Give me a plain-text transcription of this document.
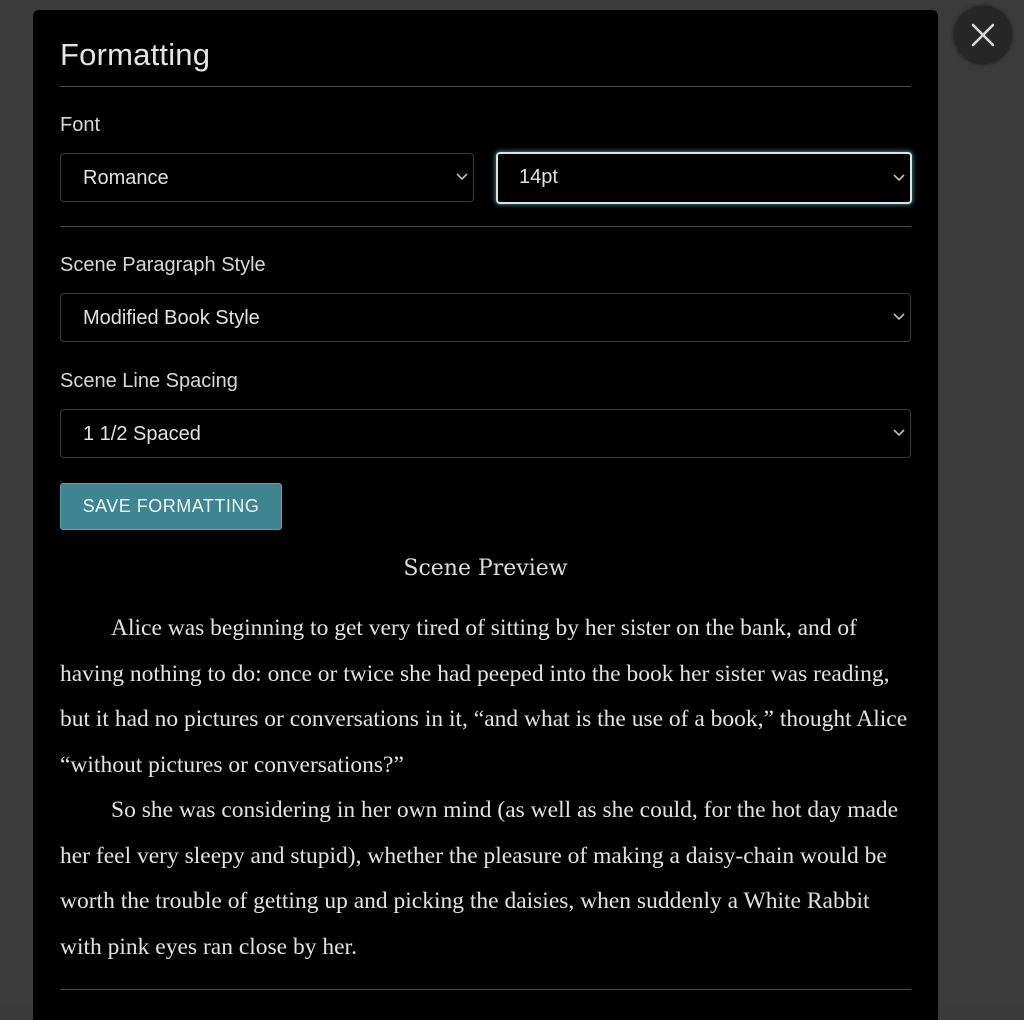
Formatting
Font
Romance	14pt
Scene Paragraph Style
Modified Book Style
Scene Line Spacing
1 1/2 Spaced
SAVE FORMATTING
Scene Preview

Alice was beginning to get very tired of sitting by her sister on the bank, and of having nothing to do: once or twice she had peeped into the book her sister was reading, but it had no pictures or conversations in it, “and what is the use of a book,” thought Alice “without pictures or conversations?”

So she was considering in her own mind (as well as she could, for the hot day made her feel very sleepy and stupid), whether the pleasure of making a daisy-chain would be worth the trouble of getting up and picking the daisies, when suddenly a White Rabbit with pink eyes ran close by her.
